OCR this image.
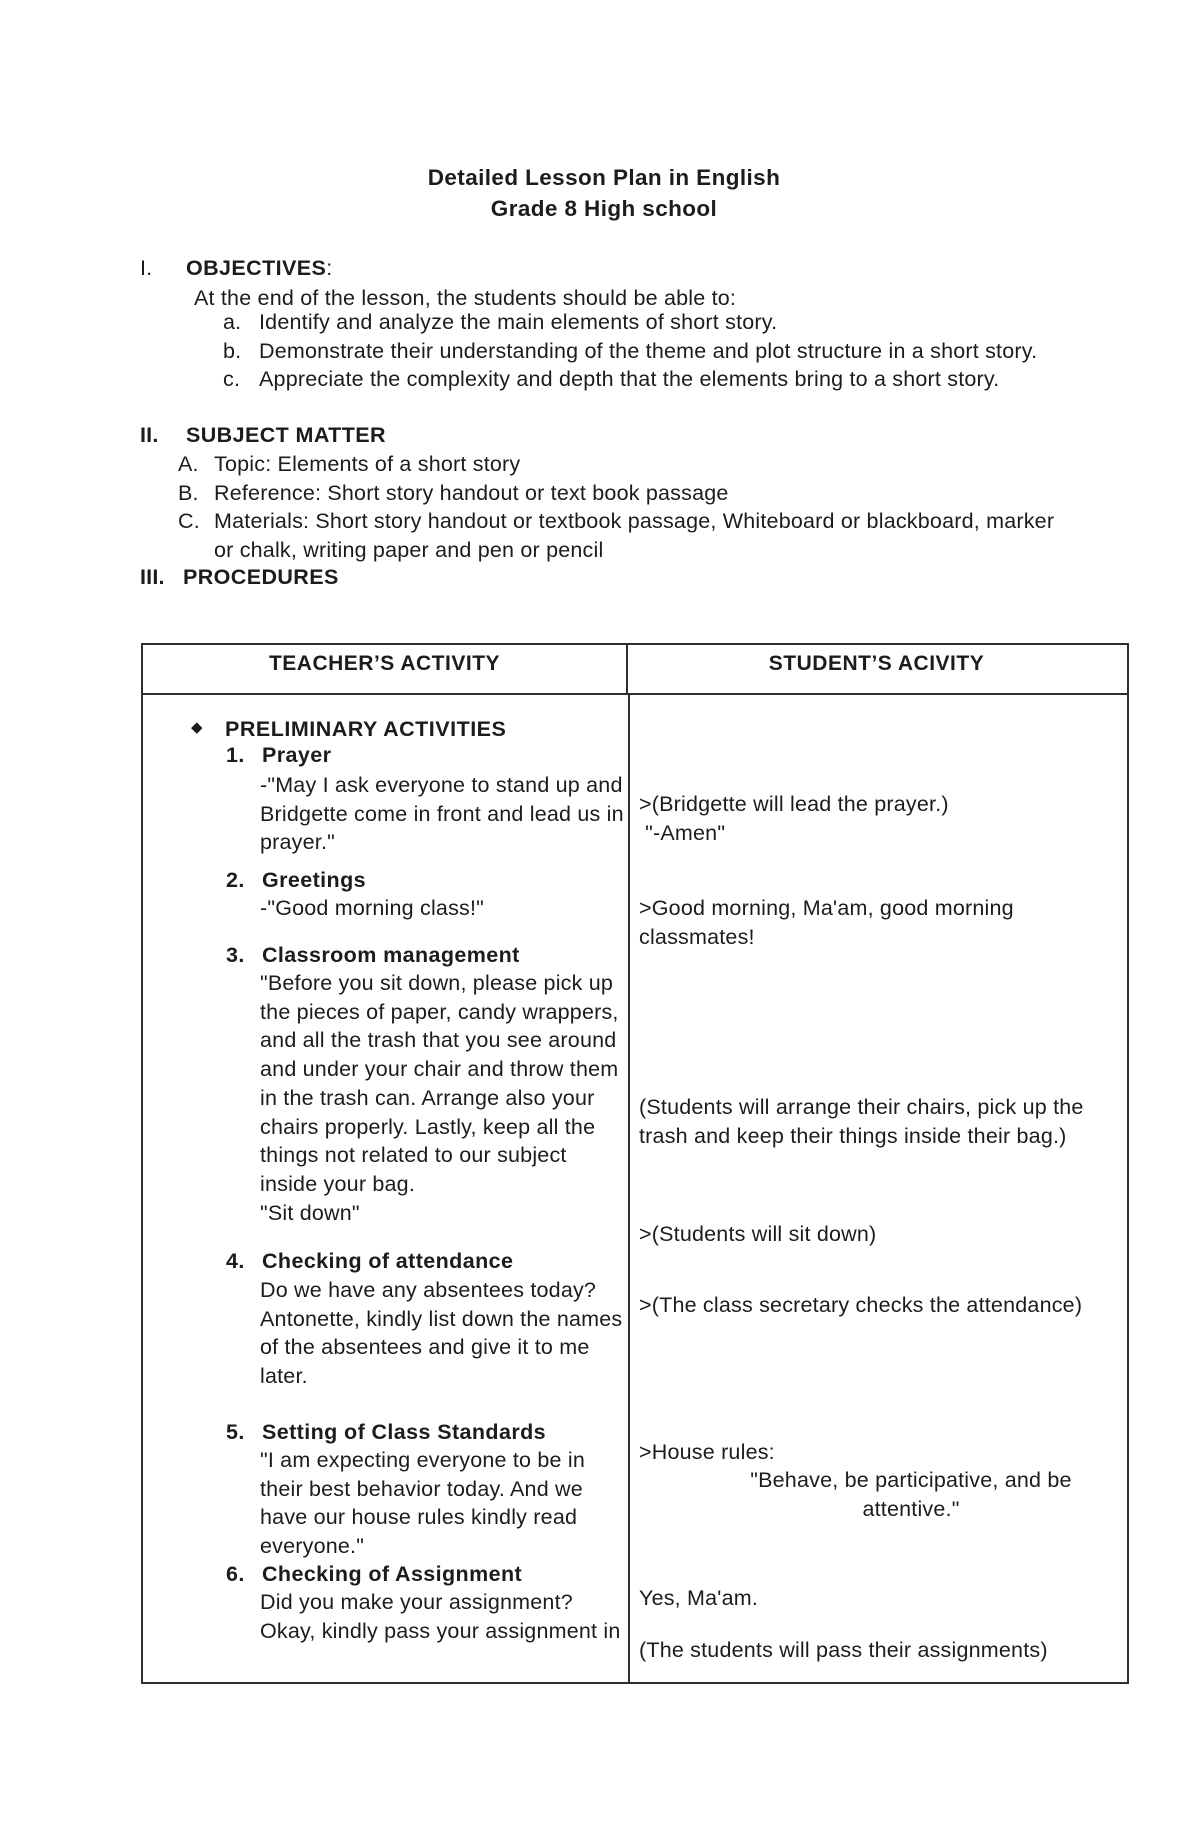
Detailed Lesson Plan in English
Grade 8 High school
I. OBJECTIVES:
At the end of the lesson, the students should be able to:
a. Identify and analyze the main elements of short story.
b. Demonstrate their understanding of the theme and plot structure in a short story.
c. Appreciate the complexity and depth that the elements bring to a short story.
II. SUBJECT MATTER
A. Topic: Elements of a short story
B. Reference: Short story handout or text book passage
C. Materials: Short story handout or textbook passage, Whiteboard or blackboard, marker
or chalk, writing paper and pen or pencil
III. PROCEDURES
TEACHER’S ACTIVITY	STUDENT’S ACIVITY
◆ PRELIMINARY ACTIVITIES
1. Prayer
-"May I ask everyone to stand up and
Bridgette come in front and lead us in
prayer."
2. Greetings
-"Good morning class!"
3. Classroom management
"Before you sit down, please pick up
the pieces of paper, candy wrappers,
and all the trash that you see around
and under your chair and throw them
in the trash can. Arrange also your
chairs properly. Lastly, keep all the
things not related to our subject
inside your bag.
"Sit down"
4. Checking of attendance
Do we have any absentees today?
Antonette, kindly list down the names
of the absentees and give it to me
later.
5. Setting of Class Standards
"I am expecting everyone to be in
their best behavior today. And we
have our house rules kindly read
everyone."
6. Checking of Assignment
Did you make your assignment?
Okay, kindly pass your assignment in
>(Bridgette will lead the prayer.)
"-Amen"
>Good morning, Ma'am, good morning
classmates!
(Students will arrange their chairs, pick up the
trash and keep their things inside their bag.)
>(Students will sit down)
>(The class secretary checks the attendance)
>House rules:
"Behave, be participative, and be
attentive."
Yes, Ma'am.
(The students will pass their assignments)
